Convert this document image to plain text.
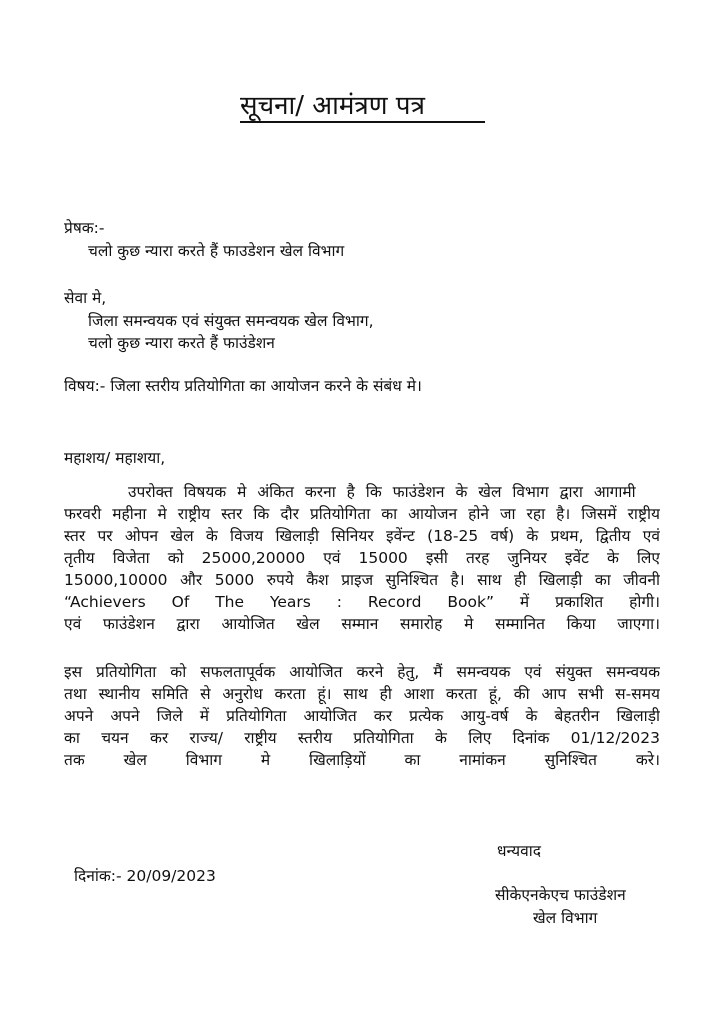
सूचना/ आमंत्रण पत्र
प्रेषक:-
चलो कुछ न्यारा करते हैं फाउडेशन खेल विभाग
सेवा मे,
जिला समन्वयक एवं संयुक्त समन्वयक खेल विभाग,
चलो कुछ न्यारा करते हैं फाउंडेशन
विषय:- जिला स्तरीय प्रतियोगिता का आयोजन करने के संबंध मे।
महाशय/ महाशया,
उपरोक्त विषयक मे अंकित करना है कि फाउंडेशन के खेल विभाग द्वारा आगामी
फरवरी महीना मे राष्ट्रीय स्तर कि दौर प्रतियोगिता का आयोजन होने जा रहा है। जिसमें राष्ट्रीय
स्तर पर ओपन खेल के विजय खिलाड़ी सिनियर इवेंन्ट (18-25 वर्ष) के प्रथम, द्वितीय एवं
तृतीय विजेता को 25000,20000 एवं 15000 इसी तरह जुनियर इवेंट के लिए
15000,10000 और 5000 रुपये कैश प्राइज सुनिश्चित है। साथ ही खिलाड़ी का जीवनी
“Achievers Of The Years : Record Book” में प्रकाशित होगी।
एवं फाउंडेशन द्वारा आयोजित खेल सम्मान समारोह मे सम्मानित किया जाएगा।
इस प्रतियोगिता को सफलतापूर्वक आयोजित करने हेतु, मैं समन्वयक एवं संयुक्त समन्वयक
तथा स्थानीय समिति से अनुरोध करता हूं। साथ ही आशा करता हूं, की आप सभी स-समय
अपने अपने जिले में प्रतियोगिता आयोजित कर प्रत्येक आयु-वर्ष के बेहतरीन खिलाड़ी
का चयन कर राज्य/ राष्ट्रीय स्तरीय प्रतियोगिता के लिए दिनांक 01/12/2023
तक खेल विभाग मे खिलाड़ियों का नामांकन सुनिश्चित करे।
धन्यवाद
दिनांक:- 20/09/2023
सीकेएनकेएच फाउंडेशन
खेल विभाग
